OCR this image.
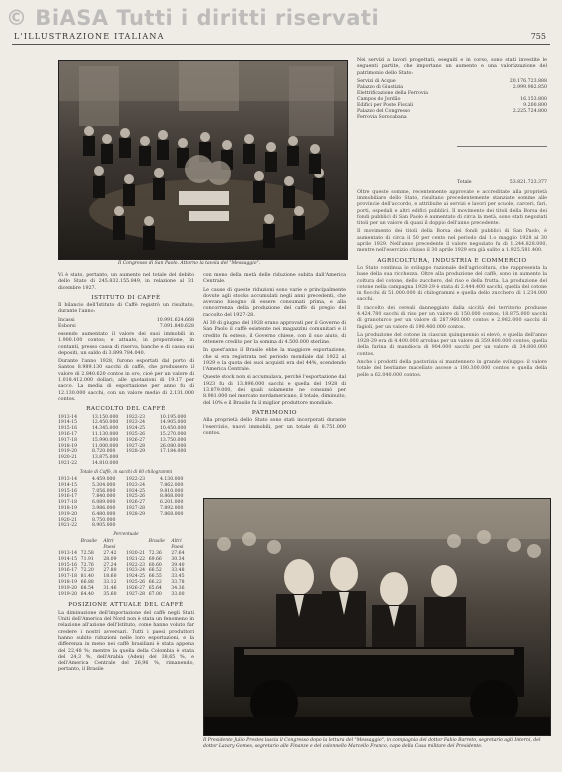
© BiASA Tutti i diritti riservati
L'ILLUSTRAZIONE ITALIANA	755
Il Congresso di San Paolo. Attorno la tavola del "Messaggio".

Nei servizi a lavori progettati, eseguiti e in corso, sono stati investite le seguenti partite, che importano un aumento e una valorizzazione del patrimonio dello Stato:

Servizi di Acque	20.176.723.888
Palazzo di Giustizia	2.999.982.850
Elettrificazione della Ferrovia
Campos do Jordão	16.153.800
Edifici per Poste Fiscali	9.200.800
Palazzo del Congresso	2.225.724.800
Ferrovia Sorocabana
Totale	53.821.723.377

Oltre queste somme, recentemente approvate e accreditate alla proprietà immobiliare dello Stato, risultano precedentemente stanziate somme alle provincie dell'accordo, e attribuite ai servizi e lavori per scuole, carceri, fari, porti, ospedali e altri edifici pubblici. Il movimento dei titoli della Borsa dei fondi pubblici di San Paolo è aumentato di circa la metà, sono stati negoziati titoli per un valore di quasi il doppio dell'anno precedente.

Il movimento dei titoli della Borsa dei fondi pubblici di San Paolo, è aumentato di circa il 50 per cento nel periodo dal 1.o maggio 1928 al 30 aprile 1929. Nell'anno precedente il valore negoziato fu di 1.244.828.000, mentre nell'esercizio chiuso il 30 aprile 1929 era già salito a 1.925.581.400.

AGRICOLTURA, INDUSTRIA E COMMERCIO

Lo Stato continua lo sviluppo razionale dell'agricoltura, che rappresenta la base della sua ricchezza. Oltre alla produzione del caffè, sono in aumento la coltura del cotone, dello zucchero, del riso e della frutta. La produzione del cotone nella campagna 1928-29 è stata di 2.444.400 sacchi, quella del cotone in fiocchi di 51.000.000 di chilogrammi e quella dello zucchero di 1.234.000 sacchi.

Il raccolto dei cereali danneggiato dalla siccità del territorio produsse 4.424.780 sacchi di riso per un valore di 150.000 contos; 18.875.000 sacchi di granoturco per un valore di 287.960.000 contos e 2.982.000 sacchi di fagioli, per un valore di 190.460.000 contos.

La produzione del cotone in ciascun quinquennio si elevò, e quella dell'anno 1928-29 era di 4.400.000 arrobas per un valore di 359.800.000 contos; quella della farina di mandioca di 904.000 sacchi per un valore di 34.800.000 contos.

Anche i prodotti della pastorizia si mantennero in grande sviluppo: il valore totale del bestiame macellato ascese a 180.300.000 contos e quella della pelle a 62.040.000 contos.

Vi è stato, pertanto, un aumento nel totale del debito dello Stato di 245.832.155.849, in relazione al 31 dicembre 1927.

ISTITUTO DI CAFFÈ

Il bilancio dell'Istituto di Caffè registrò un risultato, durante l'anno:

Incassi	10.991.624.668
Esborsi	7.091.840.628

essendo aumentato il valore dei suoi immobili in 1.900.100 contos; e attuato, in proporzione, in contanti, presso cassa di riserva, banche e di cassa sui depositi, un saldo di 3.899.784.040.

Durante l'anno 1928, furono esportati dal porto di Santos 8.989.130 sacchi di caffè, che produssero il valore di 2.840.620 contos in oro, cioè per un valore di 1.018.412.000 dollari, alle quotazioni di 19.17 per sacco. La media di esportazione per anno fu di 12.130.000 sacchi, con un valore medio di 2.131.000 contos.

RACCOLTO DEL CAFFÈ
1913-14	13.150.000	1922-23	10.195.000
1914-15	12.450.000	1923-24	14.905.000
1915-16	14.345.000	1924-25	10.450.000
1916-17	11.130.000	1925-26	15.270.000
1917-18	15.990.000	1926-27	13.750.000
1918-19	11.000.000	1927-28	26.080.000
1919-20	8.720.000	1928-29	17.184.000
1920-21	13.875.000
1921-22	14.810.000
Totale di Caffè, in sacchi di 60 chilogrammi
1913-14	4.459.000	1922-23	4.130.000
1914-15	5.304.000	1923-24	7.862.000
1915-16	7.056.000	1924-25	9.810.000
1916-17	7.840.000	1925-26	8.868.000
1917-18	6.089.000	1926-27	6.201.000
1918-19	3.986.000	1927-28	7.892.000
1919-20	6.480.000	1928-29	7.868.000
1920-21	8.750.000
1921-22	8.905.000
Percentuale
Brasile	Altri Paesi
Brasile	Altri Paesi
1913-14 72.58	27.42	1920-21 72.36	27.64
1914-15 71.91	28.09	1921-22 69.66	30.34
1915-16 72.76	27.24	1922-23 60.60	39.40
1916-17 72.20	27.80	1923-24 66.52	33.48
1917-18 81.40	18.60	1924-25 66.55	33.45
1918-19 66.88	33.12	1925-26 66.22	33.78
1919-20 68.54	31.46	1926-27 65.64	34.36
1919-20 64.40	35.60	1927-28 67.00	33.00
POSIZIONE ATTUALE DEL CAFFÈ

La diminuzione dell'importazione del caffè negli Stati Uniti dell'America del Nord non è stata un fenomeno in relazione all'azione dell'Istituto, come hanno voluto far credere i nostri avversari. Tutti i paesi produttori hanno subìto riduzioni nelle loro esportazioni, e la differenza in meno nei caffè brasiliani è stata appena del 22,48 %; mentre la quella della Colombia è stata del 24,3 %, dell'Arabia (Aden) del 38,65 %, e dell'America Centrale del 26,96 %, rimanendo, pertanto, il Brasile

con meno della metà delle riduzione subita dall'America Centrale.

Le cause di queste riduzioni sono varie e principalmente dovute agli stocks accumulati negli anni precedenti, che avevano bisogno di essere consumati prima, e alla concorrenza della produzione del caffè di pregio del raccolto del 1927-28.

Al 30 di giugno del 1928 erano approvati per il Governo di San Paolo il caffè esistente nei magazzini comunitari e il credito fu esteso, il Governo chiese, con il suo aiuto, di ottenere credito per la somma di 4.500.000 sterline.

In quest'anno il Brasile ebbe la maggiore esportazione, che si era registrata nel periodo mondiale dal 1922 al 1929 e la quota dei suoi acquisti era del 44%, scendendo l'America Centrale.

Queste stock non si accumulava, perché l'esportazione dal 1923 fu di 13.896.000 sacchi e quella del 1928 di 13.879.000, dei quali solamente ne consumò per 8.981.000 nel mercato nordamericano, il totale, diminuito, del 10% e il Brasile fu il miglior produttore mondiale.

PATRIMONIO

Alla proprietà dello Stato sono stati incorporati durante l'esercizio, nuovi immobili, per un totale di 8.751.000 contos.

Il Presidente Julio Prestes lascia il Congresso dopo la lettura del "Messaggio", in compagnia del dottor Fabio Barreto, segretario agli Interni, del dottor Lazary Gomes, segretario alle Finanze e del colonnello Marcello Franco, capo della Casa militare del Presidente.
